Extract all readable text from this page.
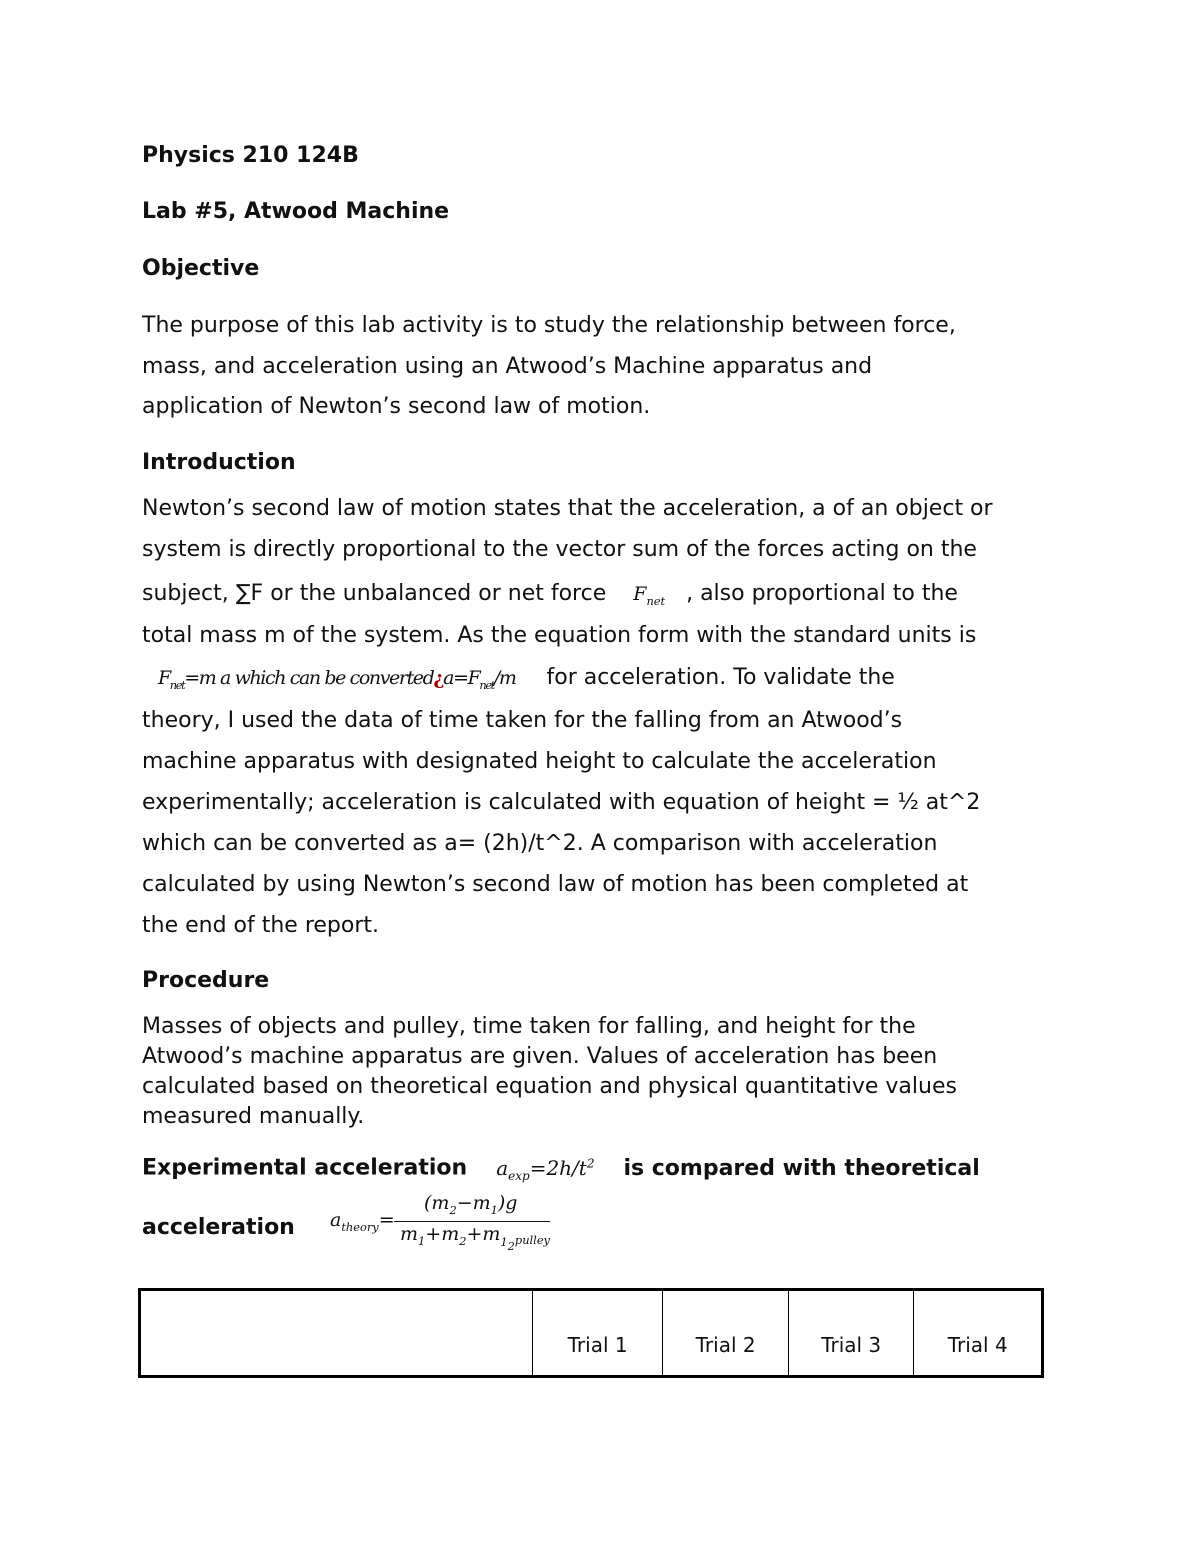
Physics 210 124B
Lab #5, Atwood Machine
Objective
The purpose of this lab activity is to study the relationship between force,
mass, and acceleration using an Atwood’s Machine apparatus and
application of Newton’s second law of motion.
Introduction
Newton’s second law of motion states that the acceleration, a of an object or
system is directly proportional to the vector sum of the forces acting on the
subject, ∑F or the unbalanced or net force $F_{net}$ , also proportional to the
total mass m of the system. As the equation form with the standard units is
$F_{net}=m$ a which can be $converted¿a=F_{net}/m$ for acceleration. To validate the
theory, I used the data of time taken for the falling from an Atwood’s
machine apparatus with designated height to calculate the acceleration
experimentally; acceleration is calculated with equation of height = ½ at^2
which can be converted as a= (2h)/t^2. A comparison with acceleration
calculated by using Newton’s second law of motion has been completed at
the end of the report.
Procedure
Masses of objects and pulley, time taken for falling, and height for the
Atwood’s machine apparatus are given. Values of acceleration has been
calculated based on theoretical equation and physical quantitative values
measured manually.
Experimental acceleration $a_{exp}=2h/t^2$ is compared with theoretical
acceleration $a_{theory}=$
$(m_2-m_1)g$
$m_1+m_2+m_{12pulley}$
	Trial 1	Trial 2	Trial 3	Trial 4
